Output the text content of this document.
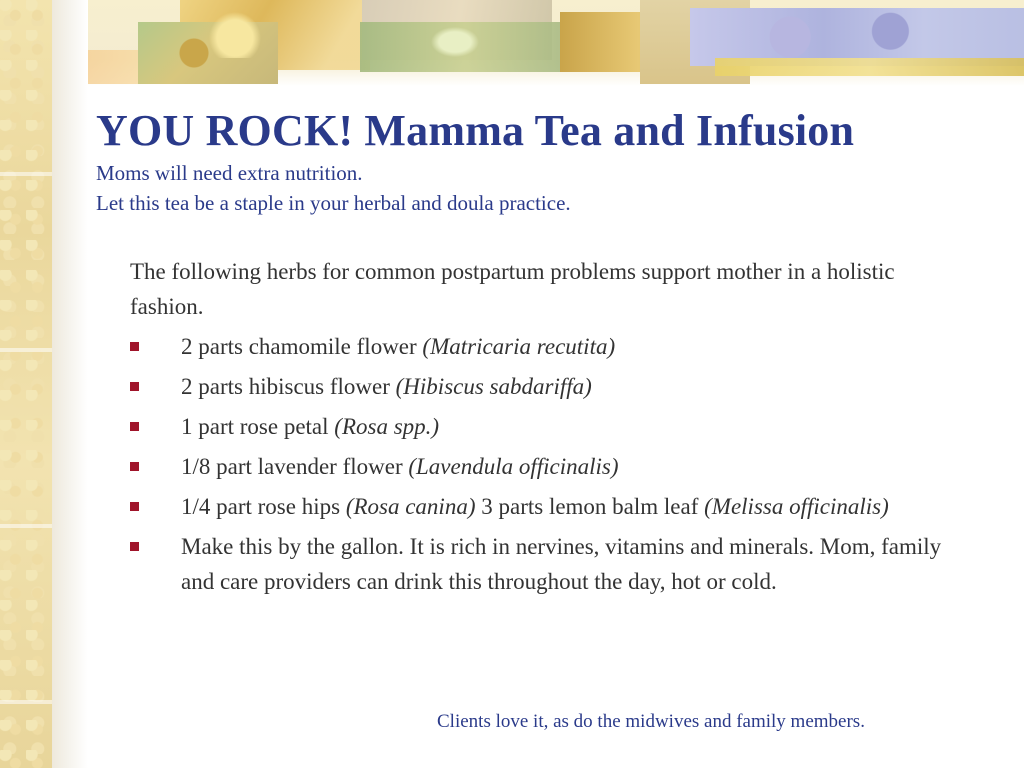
YOU ROCK! Mamma Tea and Infusion
Moms will need extra nutrition.
Let this tea be a staple in your herbal and doula practice.

The following herbs for common postpartum problems support mother in a holistic fashion.

2 parts chamomile flower (Matricaria recutita)
2 parts hibiscus flower (Hibiscus sabdariffa)
1 part rose petal (Rosa spp.)
1/8 part lavender flower (Lavendula officinalis)
1/4 part rose hips (Rosa canina) 3 parts lemon balm leaf (Melissa officinalis)
Make this by the gallon. It is rich in nervines, vitamins and minerals. Mom, family and care providers can drink this throughout the day, hot or cold.
Clients love it, as do the midwives and family members.
